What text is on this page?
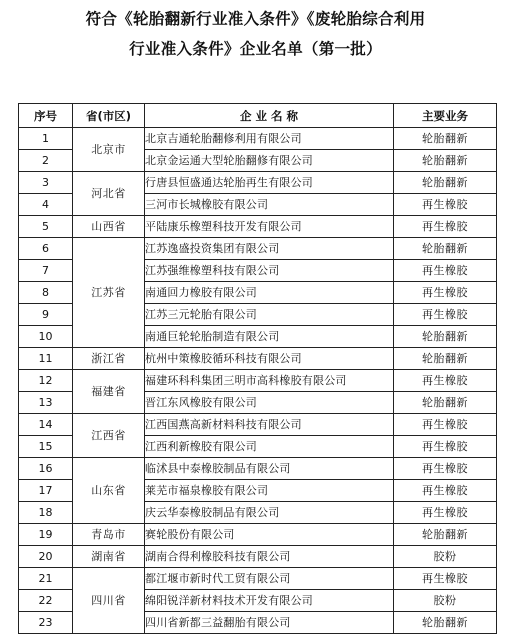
符合《轮胎翻新行业准入条件》《废轮胎综合利用
行业准入条件》企业名单（第一批）
序号	省(市区)	企 业 名 称	主要业务
1	北京市	北京吉通轮胎翻修利用有限公司	轮胎翻新
2		北京金运通大型轮胎翻修有限公司	轮胎翻新
3	河北省	行唐县恒盛通达轮胎再生有限公司	轮胎翻新
4		三河市长城橡胶有限公司	再生橡胶
5	山西省	平陆康乐橡塑科技开发有限公司	再生橡胶
6	江苏省	江苏逸盛投资集团有限公司	轮胎翻新
7		江苏强维橡塑科技有限公司	再生橡胶
8		南通回力橡胶有限公司	再生橡胶
9		江苏三元轮胎有限公司	再生橡胶
10		南通巨轮轮胎制造有限公司	轮胎翻新
11	浙江省	杭州中策橡胶循环科技有限公司	轮胎翻新
12	福建省	福建环科科集团三明市高科橡胶有限公司	再生橡胶
13		晋江东风橡胶有限公司	轮胎翻新
14	江西省	江西国燕高新材料科技有限公司	再生橡胶
15		江西利新橡胶有限公司	再生橡胶
16	山东省	临沭县中泰橡胶制品有限公司	再生橡胶
17		莱芜市福泉橡胶有限公司	再生橡胶
18		庆云华泰橡胶制品有限公司	再生橡胶
19	青岛市	赛轮股份有限公司	轮胎翻新
20	湖南省	湖南合得利橡胶科技有限公司	胶粉
21	四川省	都江堰市新时代工贸有限公司	再生橡胶
22		绵阳锐洋新材料技术开发有限公司	胶粉
23		四川省新都三益翻胎有限公司	轮胎翻新
